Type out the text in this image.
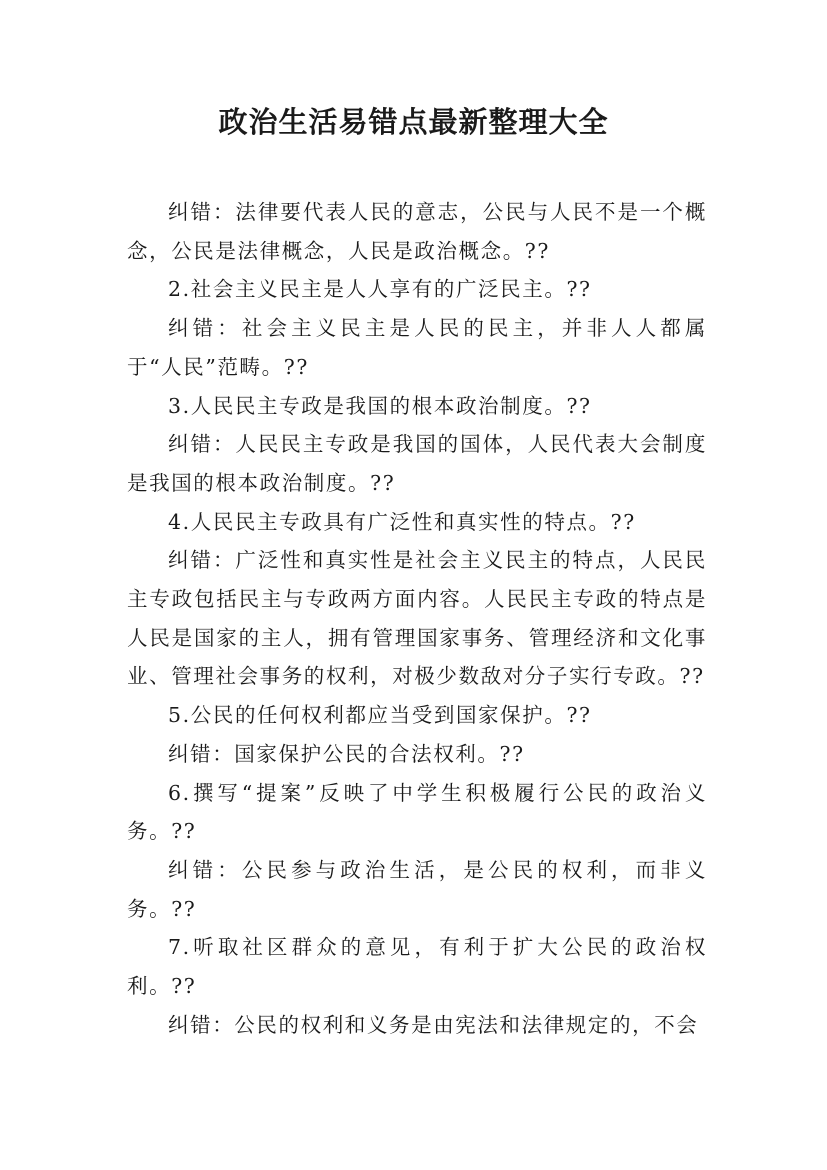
政治生活易错点最新整理大全

纠错：法律要代表人民的意志，公民与人民不是一个概念，公民是法律概念，人民是政治概念。??

2.社会主义民主是人人享有的广泛民主。??

纠错：社会主义民主是人民的民主，并非人人都属于“人民”范畴。??

3.人民民主专政是我国的根本政治制度。??

纠错：人民民主专政是我国的国体，人民代表大会制度是我国的根本政治制度。??

4.人民民主专政具有广泛性和真实性的特点。??

纠错：广泛性和真实性是社会主义民主的特点，人民民主专政包括民主与专政两方面内容。人民民主专政的特点是人民是国家的主人，拥有管理国家事务、管理经济和文化事业、管理社会事务的权利，对极少数敌对分子实行专政。??

5.公民的任何权利都应当受到国家保护。??

纠错：国家保护公民的合法权利。??

6.撰写“提案”反映了中学生积极履行公民的政治义务。??

纠错：公民参与政治生活，是公民的权利，而非义务。??

7.听取社区群众的意见，有利于扩大公民的政治权利。??

纠错：公民的权利和义务是由宪法和法律规定的，不会
